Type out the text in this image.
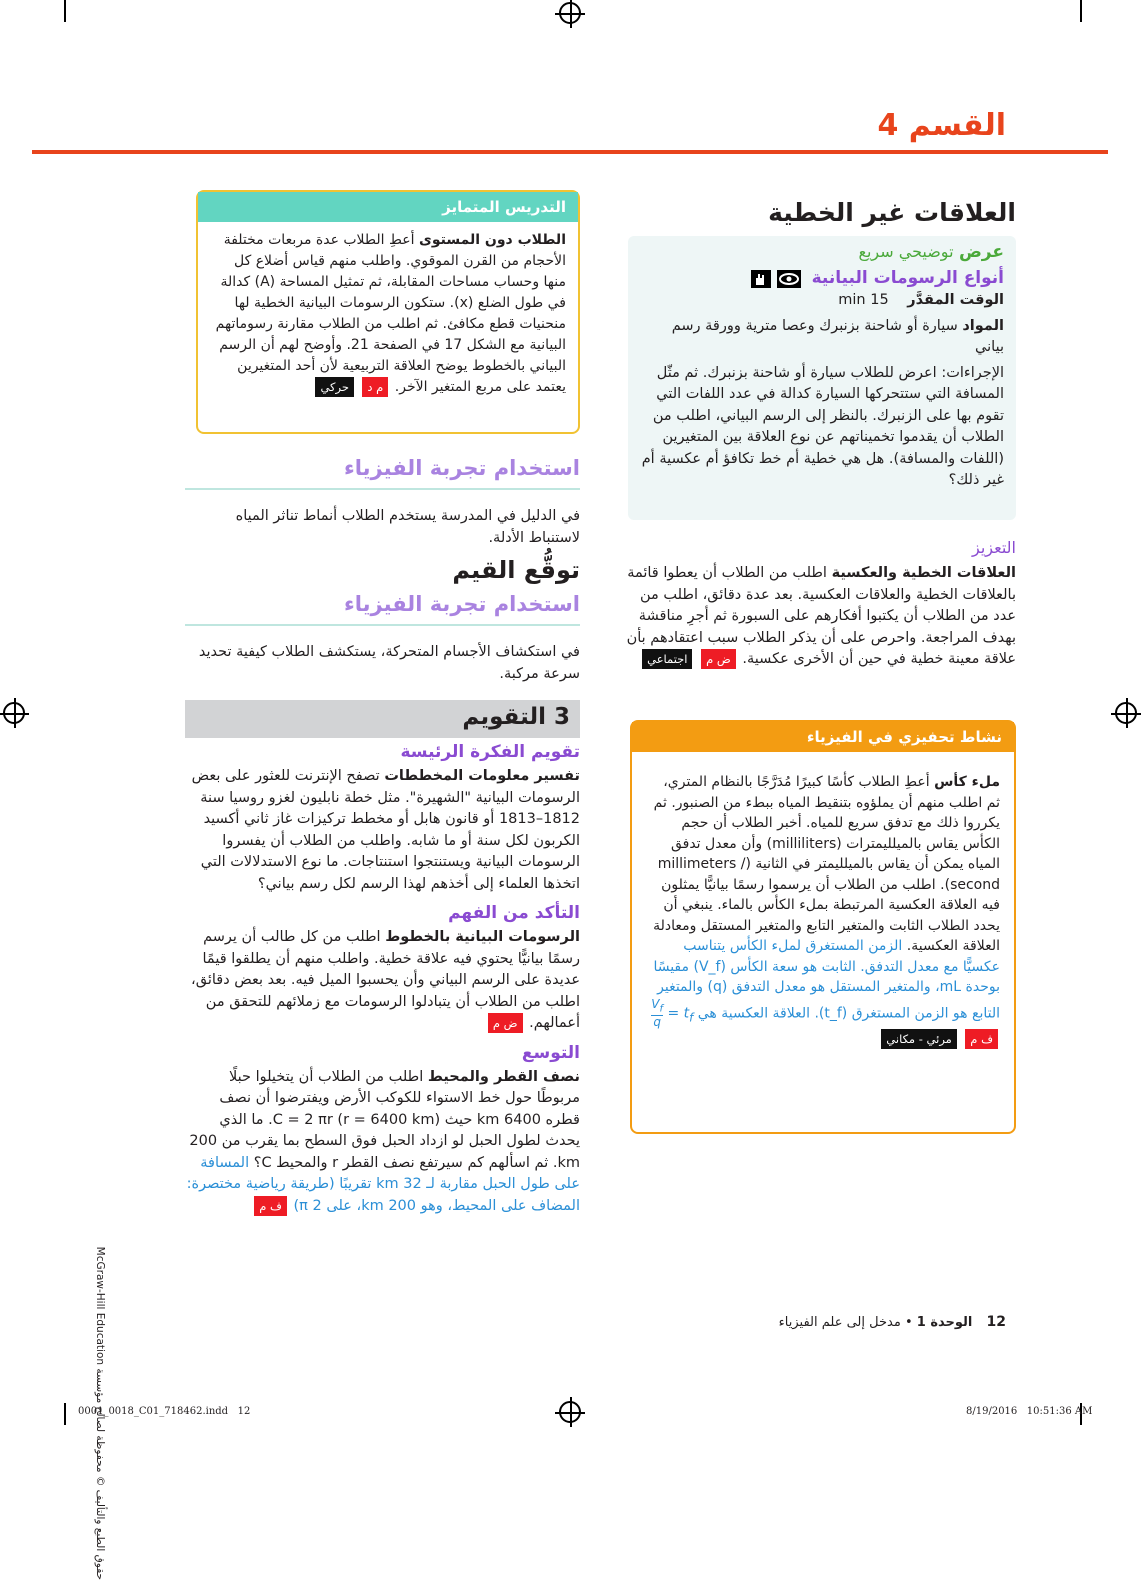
القسم 4
العلاقات غير الخطية
عرض توضيحي سريع
أنواع الرسومات البيانية
الوقت المقدَّر 15 min
المواد سيارة أو شاحنة بزنبرك وعصا مترية وورقة رسم بياني
الإجراءات: اعرض للطلاب سيارة أو شاحنة بزنبرك. ثم مثّل المسافة التي ستتحركها السيارة كدالة في عدد اللفات التي تقوم بها على الزنبرك. بالنظر إلى الرسم البياني، اطلب من الطلاب أن يقدموا تخميناتهم عن نوع العلاقة بين المتغيرين (اللفات والمسافة). هل هي خطية أم خط تكافؤ أم عكسية أم غير ذلك؟
التعزيز
العلاقات الخطية والعكسية اطلب من الطلاب أن يعطوا قائمة بالعلاقات الخطية والعلاقات العكسية. بعد عدة دقائق، اطلب من عدد من الطلاب أن يكتبوا أفكارهم على السبورة ثم أجرِ مناقشة بهدف المراجعة. واحرص على أن يذكر الطلاب سبب اعتقادهم بأن علاقة معينة خطية في حين أن الأخرى عكسية. ض م اجتماعي
نشاط تحفيزي في الفيزياء
ملء كأس أعطِ الطلاب كأسًا كبيرًا مُدَرَّجًا بالنظام المتري، ثم اطلب منهم أن يملؤوه بتنقيط المياه ببطء من الصنبور. ثم يكرروا ذلك مع تدفق سريع للمياه. أخبر الطلاب أن حجم الكأس يقاس بالميلليمترات (milliliters) وأن معدل تدفق المياه يمكن أن يقاس بالميلليمتر في الثانية (millimeters / second). اطلب من الطلاب أن يرسموا رسمًا بيانيًّا يمثلون فيه العلاقة العكسية المرتبطة بملء الكأس بالماء. ينبغي أن يحدد الطلاب الثابت والمتغير التابع والمتغير المستقل ومعادلة العلاقة العكسية. الزمن المستغرق لملء الكأس يتناسب عكسيًّا مع معدل التدفق. الثابت هو سعة الكأس (V_f) مقيسًا بوحدة mL، والمتغير المستقل هو معدل التدفق (q) والمتغير التابع هو الزمن المستغرق (t_f). العلاقة العكسية هي $t_f$ =
$\frac{V_f}{q}$
ف م مرئي - مكاني
التدريس المتمايز
الطلاب دون المستوى أعطِ الطلاب عدة مربعات مختلفة الأحجام من القرن الموقوي. واطلب منهم قياس أضلاع كل منها وحساب مساحات المقابلة، ثم تمثيل المساحة (A) كدالة في طول الضلع (x). ستكون الرسومات البيانية الخطية لها منحنيات قطع مكافئ. ثم اطلب من الطلاب مقارنة رسوماتهم البيانية مع الشكل 17 في الصفحة 21. وأوضح لهم أن الرسم البياني بالخطوط يوضح العلاقة التربيعية لأن أحد المتغيرين يعتمد على مربع المتغير الآخر. م د حركي
استخدام تجربة الفيزياء
في الدليل في المدرسة يستخدم الطلاب أنماط تناثر المياه لاستنباط الأدلة.
توقُّع القيم
استخدام تجربة الفيزياء
في استكشاف الأجسام المتحركة، يستكشف الطلاب كيفية تحديد سرعة مركبة.
3 التقويم
تقويم الفكرة الرئيسة
تفسير معلومات المخططات تصفح الإنترنت للعثور على بعض الرسومات البيانية "الشهيرة". مثل خطة نابليون لغزو روسيا سنة 1812–1813 أو قانون هابل أو مخطط تركيزات غاز ثاني أكسيد الكربون لكل سنة أو ما شابه. واطلب من الطلاب أن يفسروا الرسومات البيانية ويستنتجوا استنتاجات. ما نوع الاستدلالات التي اتخذها العلماء إلى أخذهم لهذا الرسم لكل رسم بياني؟
التأكد من الفهم
الرسومات البيانية بالخطوط اطلب من كل طالب أن يرسم رسمًا بيانيًّا يحتوي فيه علاقة خطية. واطلب منهم أن يطلقوا قيمًا عديدة على الرسم البياني وأن يحسبوا الميل فيه. بعد بعض دقائق، اطلب من الطلاب أن يتبادلوا الرسومات مع زملائهم للتحقق من أعمالهم. ض م
التوسع
نصف القطر والمحيط اطلب من الطلاب أن يتخيلوا حبلًا مربوطًا حول خط الاستواء للكوكب الأرض ويفترضوا أن نصف قطره 6400 km حيث C = 2 πr (r = 6400 km). ما الذي يحدث لطول الحبل لو ازداد الحبل فوق السطح بما يقرب من 200 km. ثم اسألهم كم سيرتفع نصف القطر r والمحيط C؟ المسافة على طول الحبل مقاربة لـ 32 km تقريبًا (طريقة رياضية مختصرة: المضاف على المحيط، وهو 200 km، على 2 π) ف م
حقوق الطبع والتأليف © محفوظة لصالح مؤسسة McGraw-Hill Education
12 الوحدة 1 • مدخل إلى علم الفيزياء
0001_0018_C01_718462.indd   12	8/19/2016   10:51:36 AM
